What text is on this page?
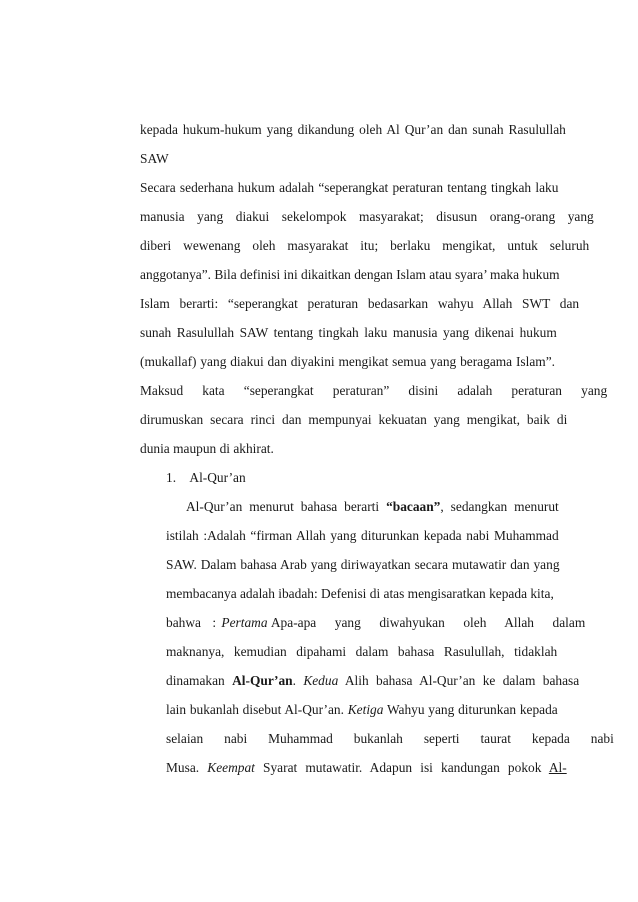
kepada hukum-hukum yang dikandung oleh Al Qur’an dan sunah Rasulullah
SAW
Secara sederhana hukum adalah “seperangkat peraturan tentang tingkah laku
manusia yang diakui sekelompok masyarakat; disusun orang-orang yang
diberi wewenang oleh masyarakat itu; berlaku mengikat, untuk seluruh
anggotanya”. Bila definisi ini dikaitkan dengan Islam atau syara’ maka hukum
Islam berarti: “seperangkat peraturan bedasarkan wahyu Allah SWT dan
sunah Rasulullah SAW tentang tingkah laku manusia yang dikenai hukum
(mukallaf) yang diakui dan diyakini mengikat semua yang beragama Islam”.
Maksud kata “seperangkat peraturan” disini adalah peraturan yang
dirumuskan secara rinci dan mempunyai kekuatan yang mengikat, baik di
dunia maupun di akhirat.
1. Al-Qur’an
Al-Qur’an menurut bahasa berarti “bacaan”, sedangkan menurut
istilah :Adalah “firman Allah yang diturunkan kepada nabi Muhammad
SAW. Dalam bahasa Arab yang diriwayatkan secara mutawatir dan yang
membacanya adalah ibadah: Defenisi di atas mengisaratkan kepada kita,
bahwa : Pertama Apa-apa yang diwahyukan oleh Allah dalam
maknanya, kemudian dipahami dalam bahasa Rasulullah, tidaklah
dinamakan Al-Qur’an. Kedua Alih bahasa Al-Qur’an ke dalam bahasa
lain bukanlah disebut Al-Qur’an. Ketiga Wahyu yang diturunkan kepada
selaian nabi Muhammad bukanlah seperti taurat kepada nabi
Musa. Keempat Syarat mutawatir. Adapun isi kandungan pokok Al-
